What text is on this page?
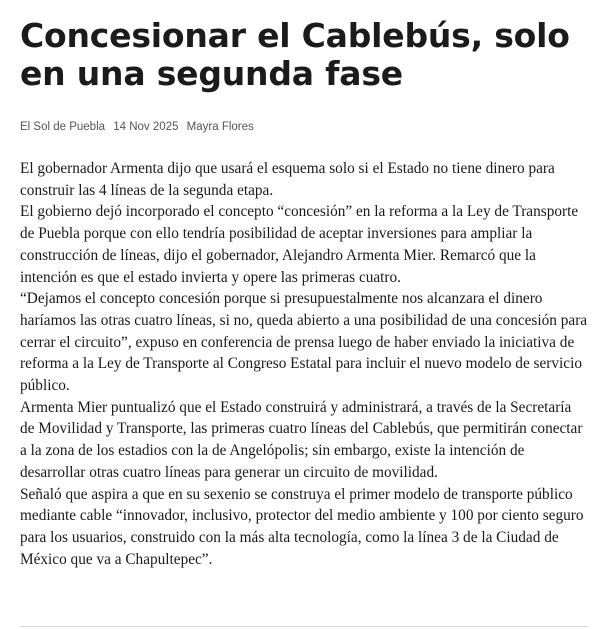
Concesionar el Cablebús, solo en una segunda fase
El Sol de Puebla 14 Nov 2025 Mayra Flores

El gobernador Armenta dijo que usará el esquema solo si el Estado no tiene dinero para construir las 4 líneas de la segunda etapa.

El gobierno dejó incorporado el concepto “concesión” en la reforma a la Ley de Transporte de Puebla porque con ello tendría posibilidad de aceptar inversiones para ampliar la construcción de líneas, dijo el gobernador, Alejandro Armenta Mier. Remarcó que la intención es que el estado invierta y opere las primeras cuatro.

“Dejamos el concepto concesión porque si presupuestalmente nos alcanzara el dinero haríamos las otras cuatro líneas, si no, queda abierto a una posibilidad de una concesión para cerrar el circuito”, expuso en conferencia de prensa luego de haber enviado la iniciativa de reforma a la Ley de Transporte al Congreso Estatal para incluir el nuevo modelo de servicio público.

Armenta Mier puntualizó que el Estado construirá y administrará, a través de la Secretaría de Movilidad y Transporte, las primeras cuatro líneas del Cablebús, que permitirán conectar a la zona de los estadios con la de Angelópolis; sin embargo, existe la intención de desarrollar otras cuatro líneas para generar un circuito de movilidad.

Señaló que aspira a que en su sexenio se construya el primer modelo de transporte público mediante cable “innovador, inclusivo, protector del medio ambiente y 100 por ciento seguro para los usuarios, construido con la más alta tecnología, como la línea 3 de la Ciudad de México que va a Chapultepec”.
